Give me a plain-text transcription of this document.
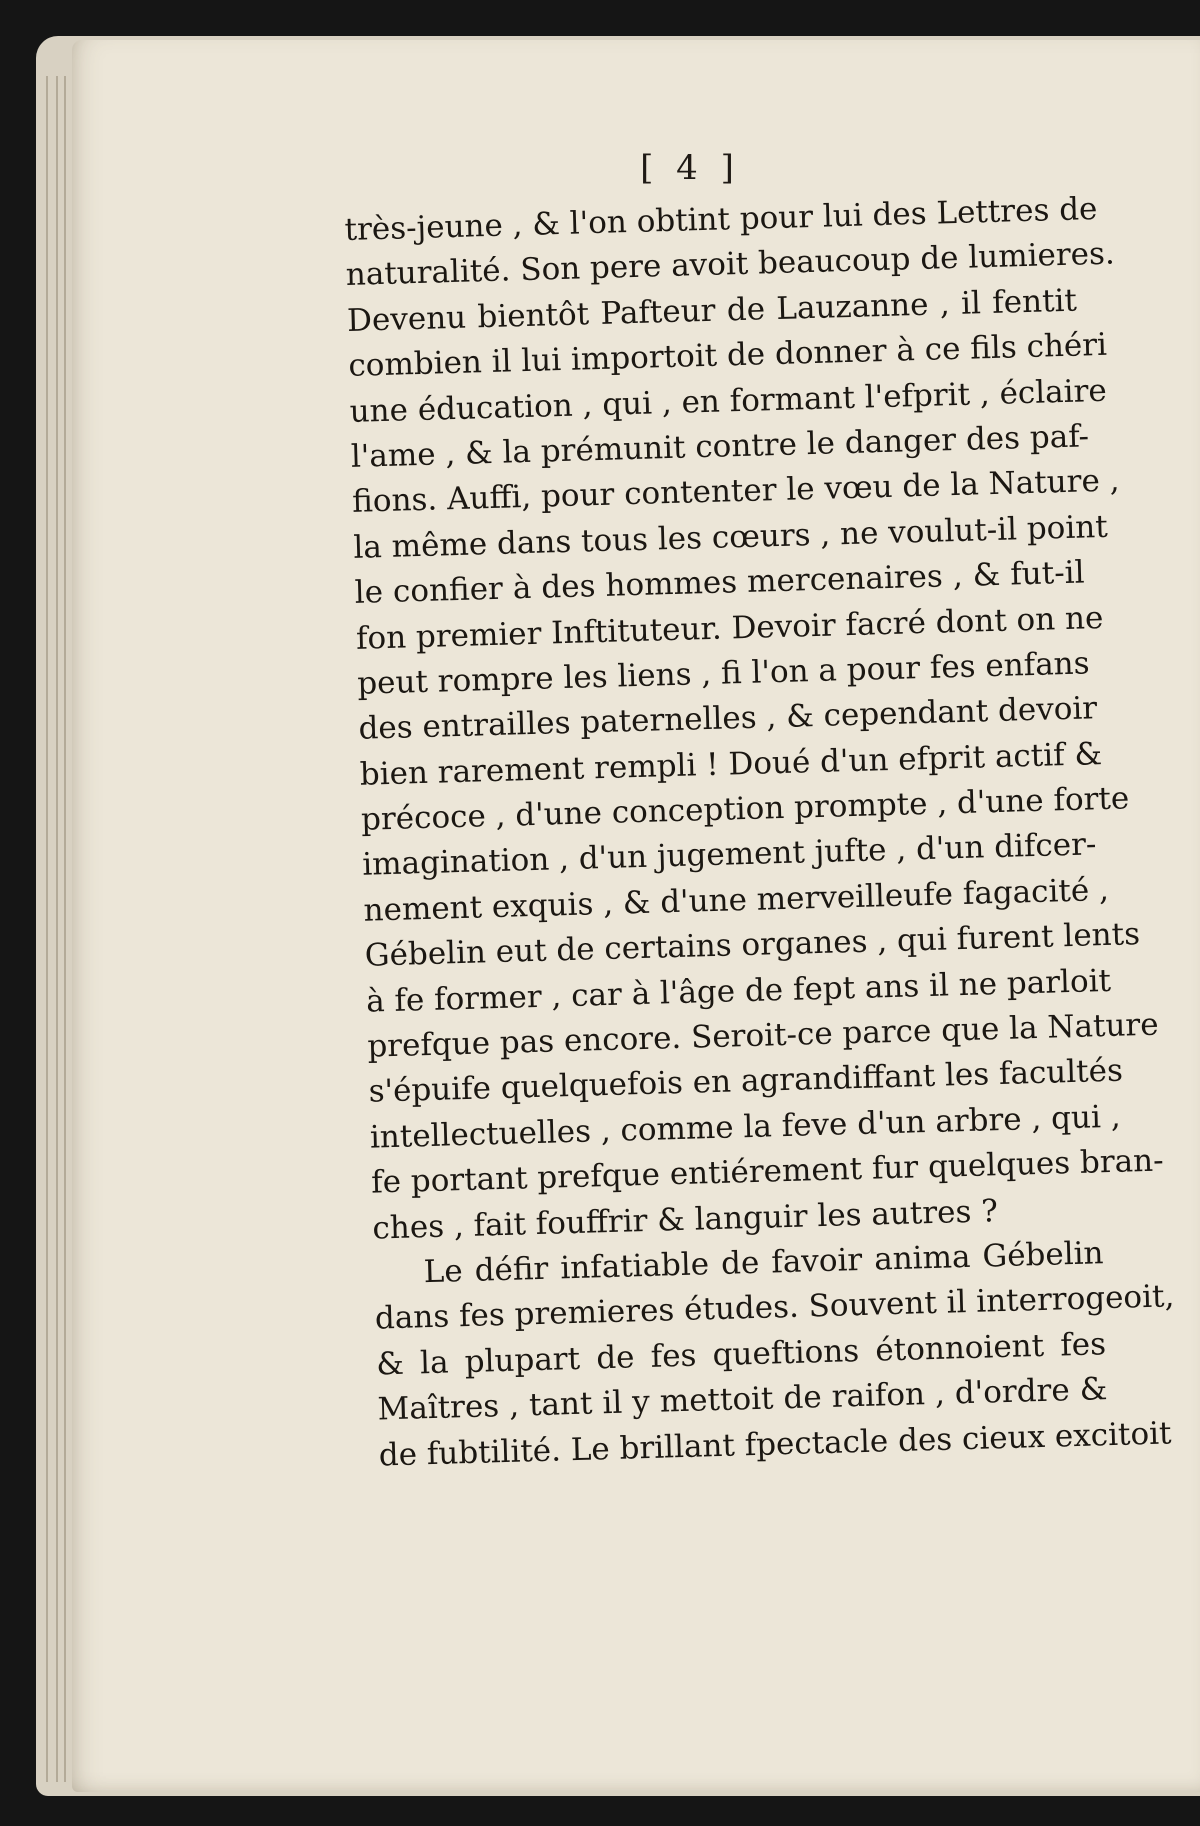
[ 4 ]
très-jeune , & l'on obtint pour lui des Lettres de
naturalité. Son pere avoit beaucoup de lumieres.
Devenu bientôt Pafteur de Lauzanne , il fentit
combien il lui importoit de donner à ce fils chéri
une éducation , qui , en formant l'efprit , éclaire
l'ame , & la prémunit contre le danger des paf-
fions. Auffi, pour contenter le vœu de la Nature ,
la même dans tous les cœurs , ne voulut-il point
le confier à des hommes mercenaires , & fut-il
fon premier Inftituteur. Devoir facré dont on ne
peut rompre les liens , fi l'on a pour fes enfans
des entrailles paternelles , & cependant devoir
bien rarement rempli ! Doué d'un efprit actif &
précoce , d'une conception prompte , d'une forte
imagination , d'un jugement jufte , d'un difcer-
nement exquis , & d'une merveilleufe fagacité ,
Gébelin eut de certains organes , qui furent lents
à fe former , car à l'âge de fept ans il ne parloit
prefque pas encore. Seroit-ce parce que la Nature
s'épuife quelquefois en agrandiffant les facultés
intellectuelles , comme la feve d'un arbre , qui ,
fe portant prefque entiérement fur quelques bran-
ches , fait fouffrir & languir les autres ?
Le défir infatiable de favoir anima Gébelin
dans fes premieres études. Souvent il interrogeoit,
& la plupart de fes queftions étonnoient fes
Maîtres , tant il y mettoit de raifon , d'ordre &
de fubtilité. Le brillant fpectacle des cieux excitoit
